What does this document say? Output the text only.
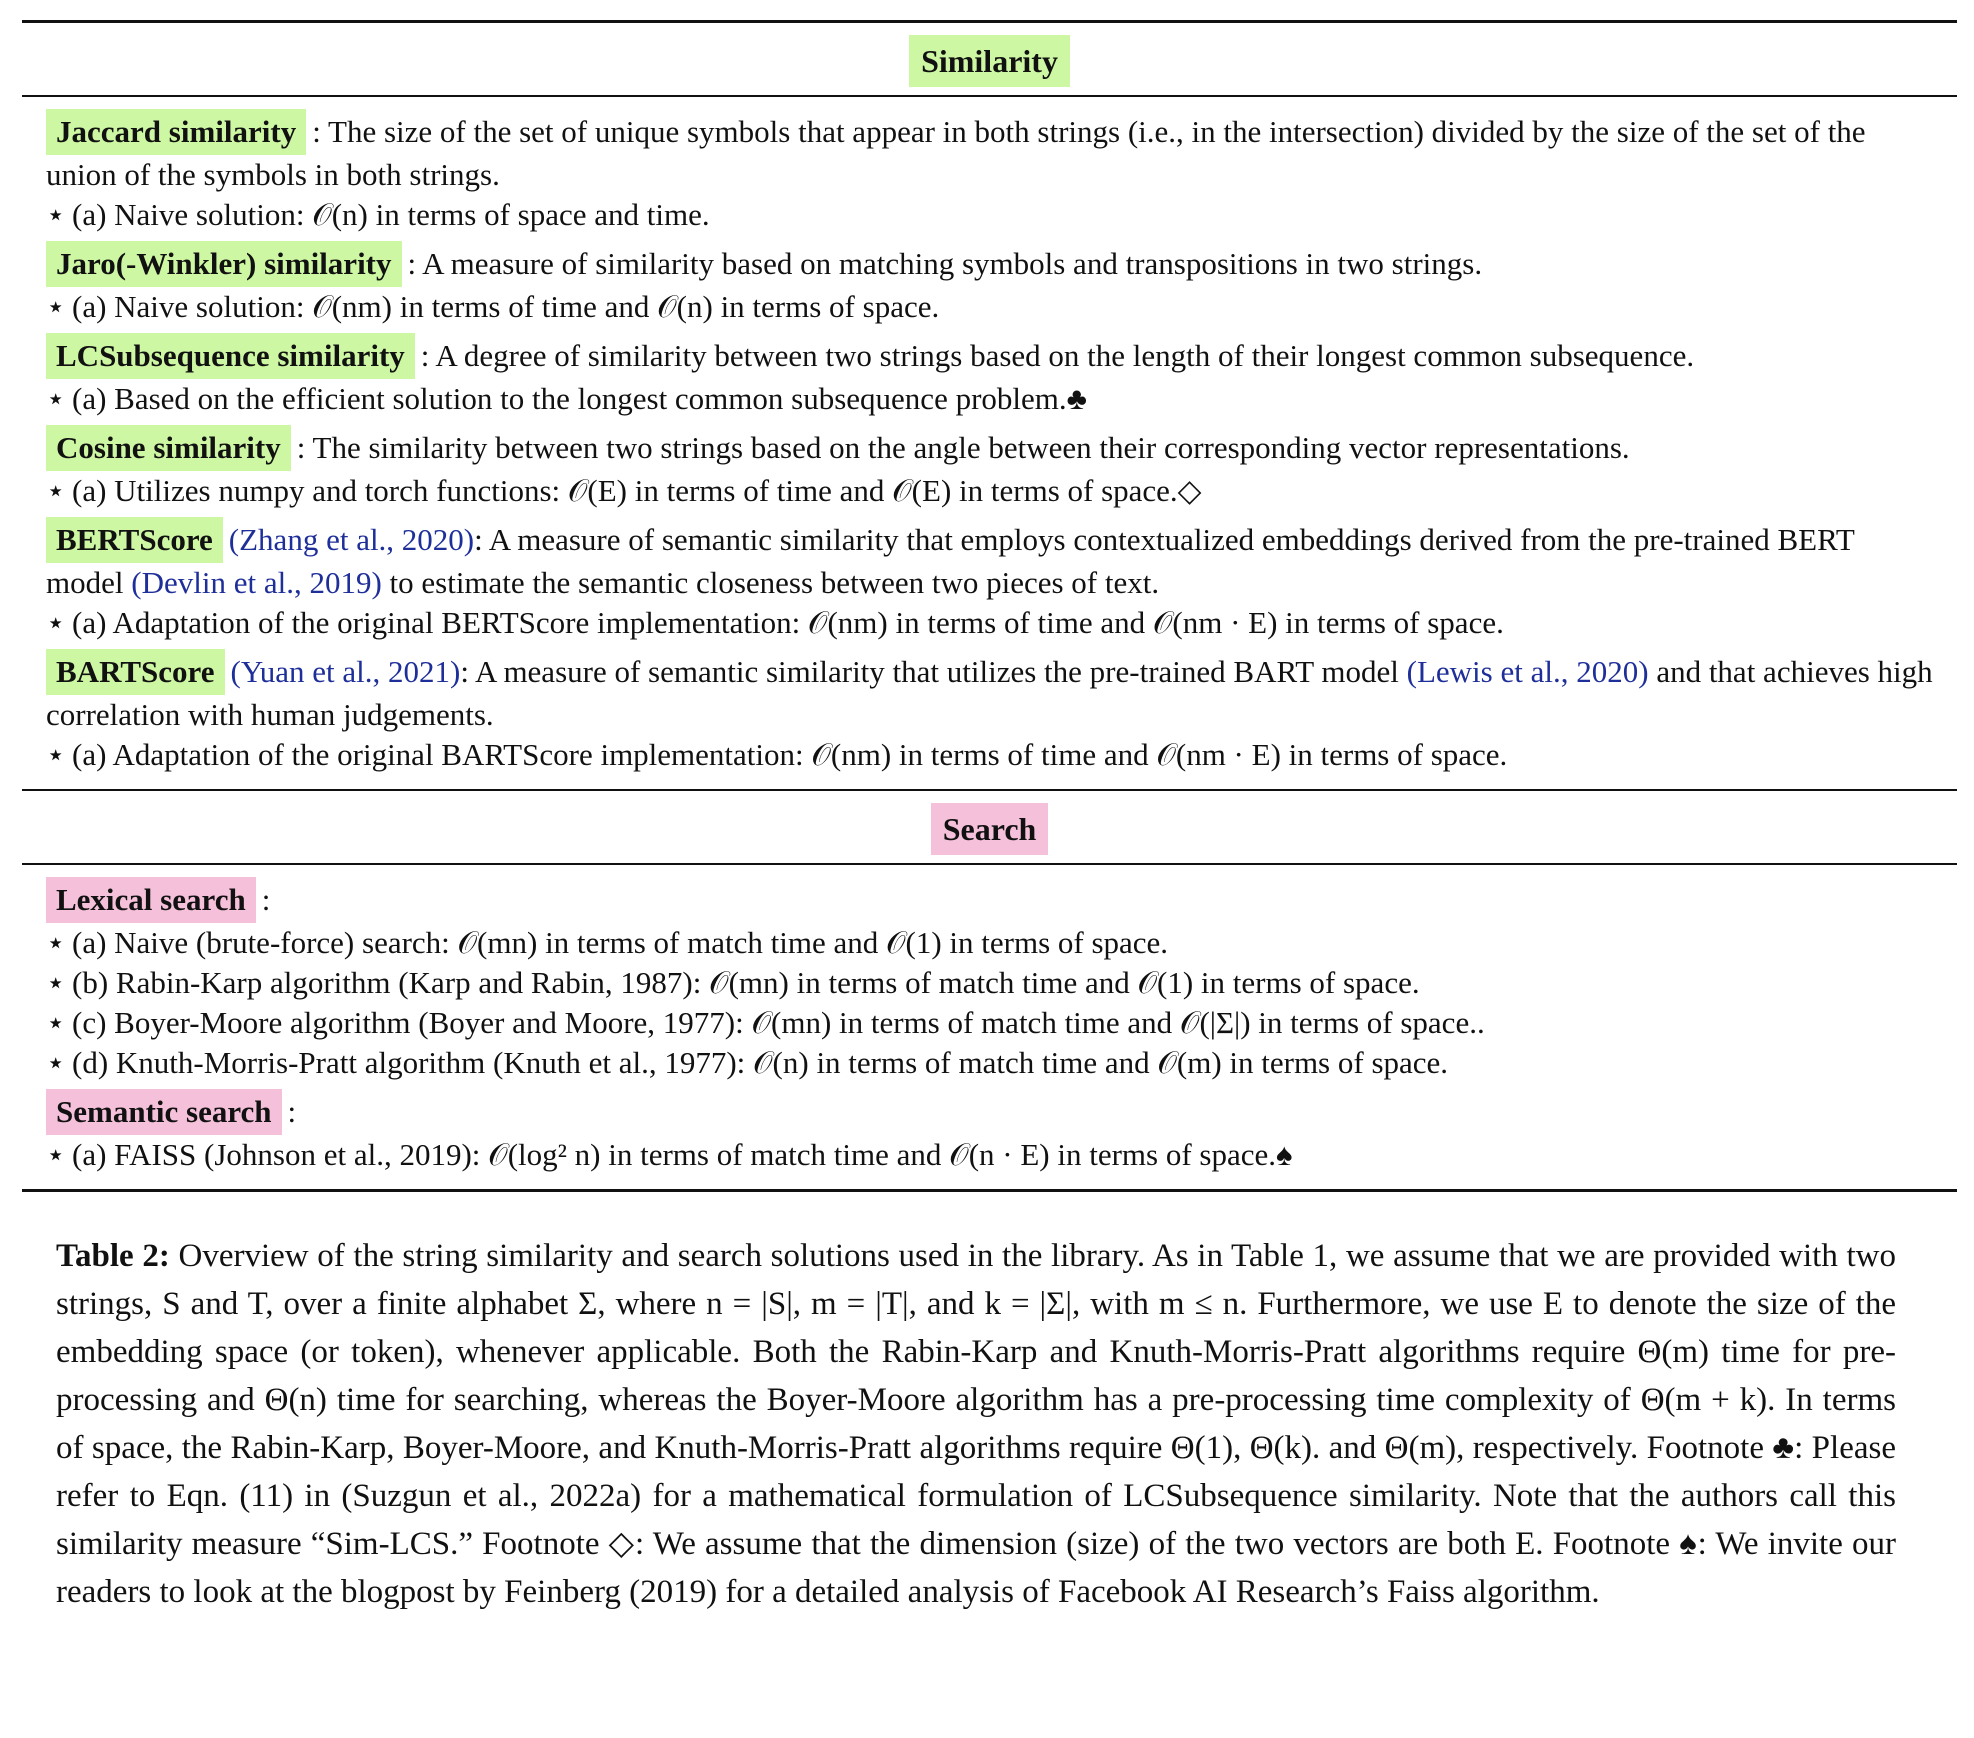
Similarity
Jaccard similarity : The size of the set of unique symbols that appear in both strings (i.e., in the intersection) divided by the size of the set of the union of the symbols in both strings.
⋆ (a) Naive solution: 𝒪(n) in terms of space and time.
Jaro(-Winkler) similarity : A measure of similarity based on matching symbols and transpositions in two strings.
⋆ (a) Naive solution: 𝒪(nm) in terms of time and 𝒪(n) in terms of space.
LCSubsequence similarity : A degree of similarity between two strings based on the length of their longest common subsequence.
⋆ (a) Based on the efficient solution to the longest common subsequence problem.♣
Cosine similarity : The similarity between two strings based on the angle between their corresponding vector representations.
⋆ (a) Utilizes numpy and torch functions: 𝒪(E) in terms of time and 𝒪(E) in terms of space.◇
BERTScore (Zhang et al., 2020): A measure of semantic similarity that employs contextualized embeddings derived from the pre-trained BERT model (Devlin et al., 2019) to estimate the semantic closeness between two pieces of text.
⋆ (a) Adaptation of the original BERTScore implementation: 𝒪(nm) in terms of time and 𝒪(nm · E) in terms of space.
BARTScore (Yuan et al., 2021): A measure of semantic similarity that utilizes the pre-trained BART model (Lewis et al., 2020) and that achieves high correlation with human judgements.
⋆ (a) Adaptation of the original BARTScore implementation: 𝒪(nm) in terms of time and 𝒪(nm · E) in terms of space.
Search
Lexical search :
⋆ (a) Naive (brute-force) search: 𝒪(mn) in terms of match time and 𝒪(1) in terms of space.
⋆ (b) Rabin-Karp algorithm (Karp and Rabin, 1987): 𝒪(mn) in terms of match time and 𝒪(1) in terms of space.
⋆ (c) Boyer-Moore algorithm (Boyer and Moore, 1977): 𝒪(mn) in terms of match time and 𝒪(|Σ|) in terms of space..
⋆ (d) Knuth-Morris-Pratt algorithm (Knuth et al., 1977): 𝒪(n) in terms of match time and 𝒪(m) in terms of space.
Semantic search :
⋆ (a) FAISS (Johnson et al., 2019): 𝒪(log² n) in terms of match time and 𝒪(n · E) in terms of space.♠
Table 2: Overview of the string similarity and search solutions used in the library. As in Table 1, we assume that we are provided with two strings, S and T, over a finite alphabet Σ, where n = |S|, m = |T|, and k = |Σ|, with m ≤ n. Furthermore, we use E to denote the size of the embedding space (or token), whenever applicable. Both the Rabin-Karp and Knuth-Morris-Pratt algorithms require Θ(m) time for pre-processing and Θ(n) time for searching, whereas the Boyer-Moore algorithm has a pre-processing time complexity of Θ(m + k). In terms of space, the Rabin-Karp, Boyer-Moore, and Knuth-Morris-Pratt algorithms require Θ(1), Θ(k). and Θ(m), respectively. Footnote ♣: Please refer to Eqn. (11) in (Suzgun et al., 2022a) for a mathematical formulation of LCSubsequence similarity. Note that the authors call this similarity measure “Sim-LCS.” Footnote ◇: We assume that the dimension (size) of the two vectors are both E. Footnote ♠: We invite our readers to look at the blogpost by Feinberg (2019) for a detailed analysis of Facebook AI Research’s Faiss algorithm.
